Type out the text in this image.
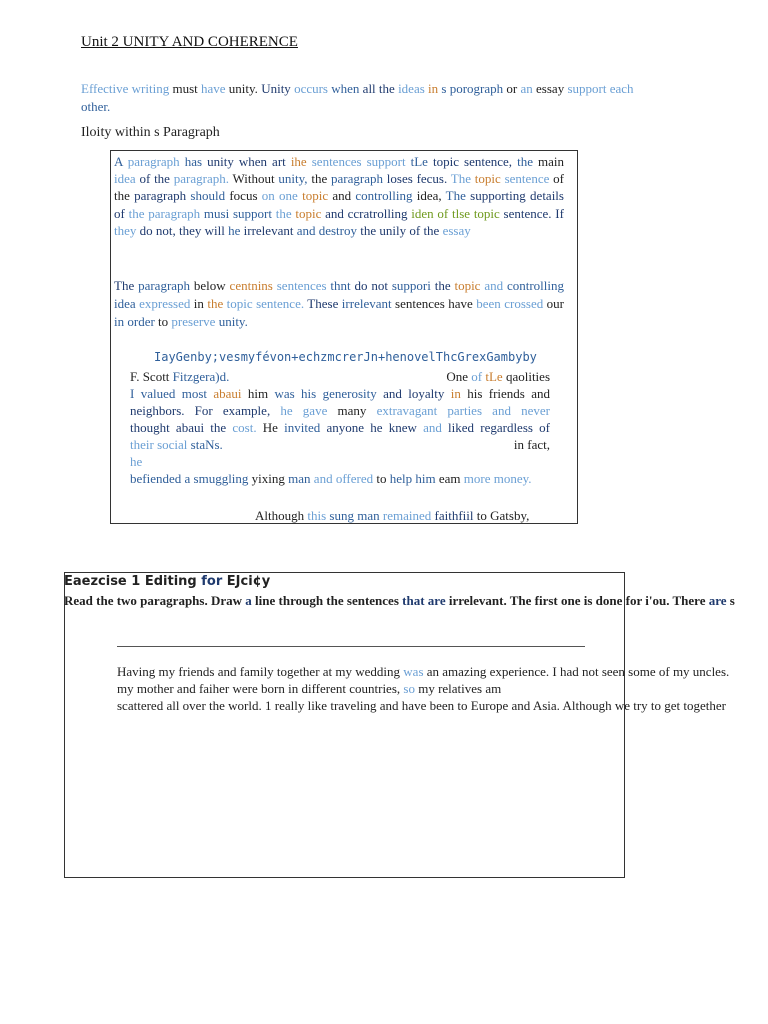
Unit 2 UNITY AND COHERENCE
Effective writing must have unity. Unity occurs when all the ideas in s porograph or an essay support each other.
Iloity within s Paragraph
A paragraph has unity when art ihe sentences support tLe topic sentence, the main idea of the paragraph. Without unity, the paragraph loses fecus. The topic sentence of the paragraph should focus on one topic and controlling idea, The supporting details of the paragraph musi support the topic and ccratrolling iden of tlse topic sentence. If they do not, they will he irrelevant and destroy the unily of the essay
The paragraph below centnins sentences thnt do not suppori the topic and controlling idea expressed in the topic sentence. These irrelevant sentences have been crossed our in order to preserve unity.
IayGenby;vesmyfévon+echzmcrerJn+henovelThcGrexGambyby
F. Scott Fitzgera)d.	One of tLe qaolities
I valued most abaui him was his generosity and loyalty in his friends and
neighbors. For example, he gave many extravagant parties and never
thought abaui the cost. He invited anyone he knew and liked regardless of
their social staNs.	in fact,
he
befiended a smuggling yixing man and offered to help him eam more money.
Although this sung man remained faithfiil to Gatsby,
Eaezcise 1 Editing for EJci¢y
Read the two paragraphs. Draw a line through the sentences that are irrelevant. The first one is done for i'ou. There are s
Having my friends and family together at my wedding was an amazing experience. I had not seen some of my uncles.
my mother and faiher were born in different countries, so my relatives am
scattered all over the world. 1 really like traveling and have been to Europe and Asia. Although we try to get together
